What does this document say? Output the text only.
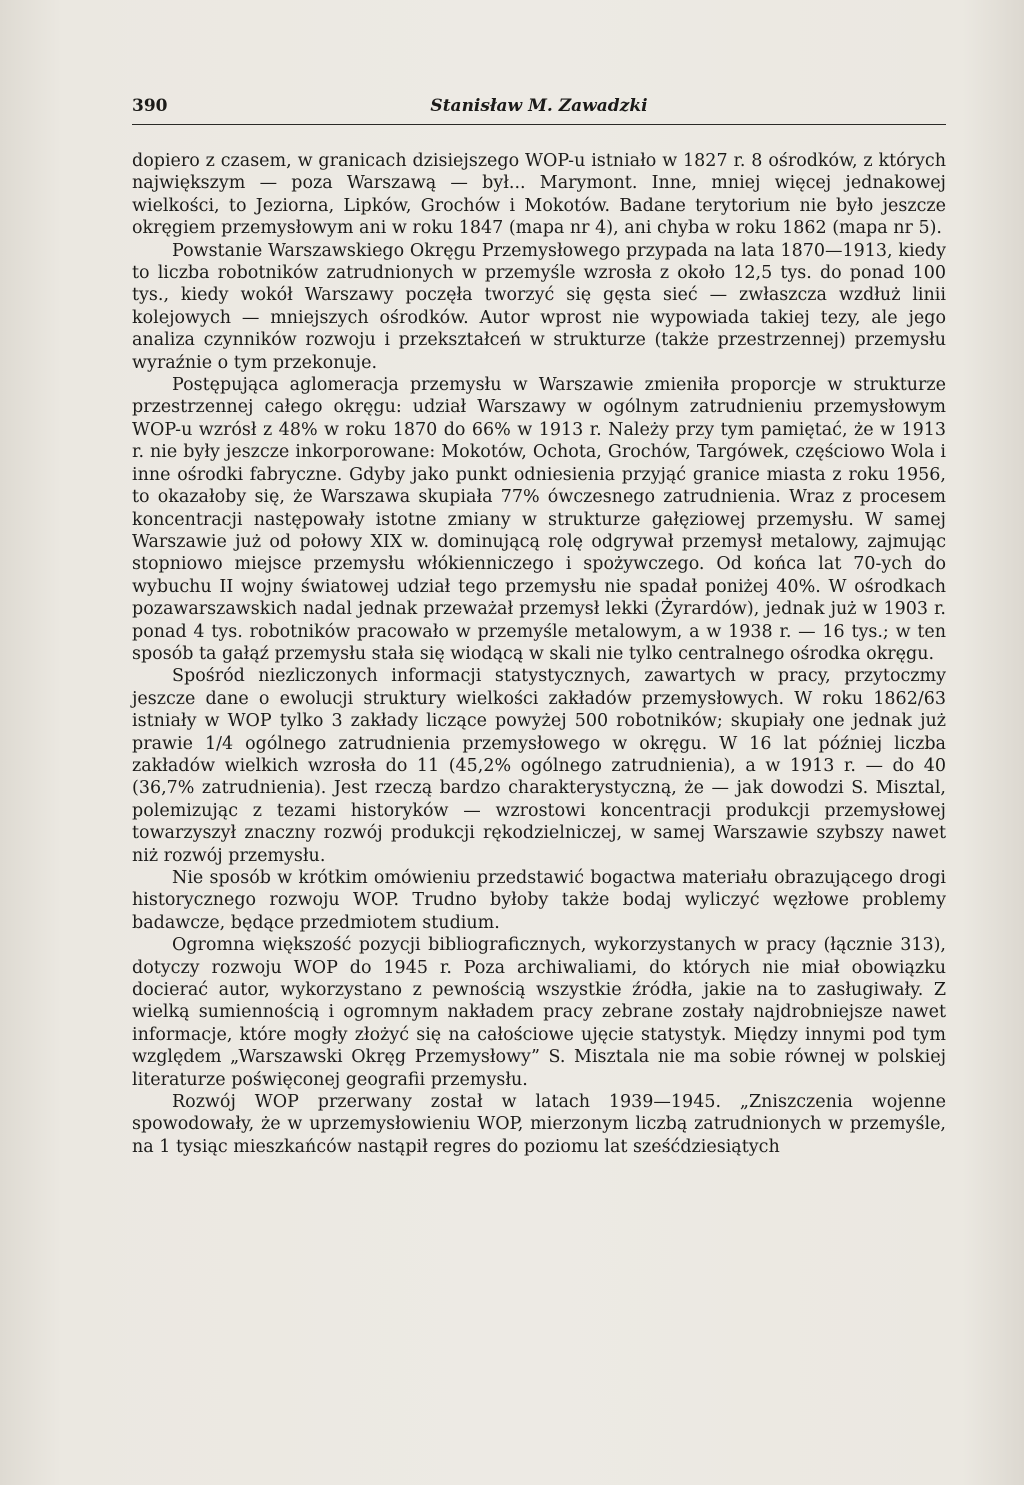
390	Stanisław M. Zawadzki

dopiero z czasem, w granicach dzisiejszego WOP-u istniało w 1827 r. 8 ośrodków, z których największym — poza Warszawą — był... Marymont. Inne, mniej więcej jednakowej wielkości, to Jeziorna, Lipków, Grochów i Mokotów. Badane terytorium nie było jeszcze okręgiem przemysłowym ani w roku 1847 (mapa nr 4), ani chyba w roku 1862 (mapa nr 5).

Powstanie Warszawskiego Okręgu Przemysłowego przypada na lata 1870—1913, kiedy to liczba robotników zatrudnionych w przemyśle wzrosła z około 12,5 tys. do ponad 100 tys., kiedy wokół Warszawy poczęła tworzyć się gęsta sieć — zwłaszcza wzdłuż linii kolejowych — mniejszych ośrodków. Autor wprost nie wypowiada takiej tezy, ale jego analiza czynników rozwoju i przekształceń w strukturze (także przestrzennej) przemysłu wyraźnie o tym przekonuje.

Postępująca aglomeracja przemysłu w Warszawie zmieniła proporcje w strukturze przestrzennej całego okręgu: udział Warszawy w ogólnym zatrudnieniu przemysłowym WOP-u wzrósł z 48% w roku 1870 do 66% w 1913 r. Należy przy tym pamiętać, że w 1913 r. nie były jeszcze inkorporowane: Mokotów, Ochota, Grochów, Targówek, częściowo Wola i inne ośrodki fabryczne. Gdyby jako punkt odniesienia przyjąć granice miasta z roku 1956, to okazałoby się, że Warszawa skupiała 77% ówczesnego zatrudnienia. Wraz z procesem koncentracji następowały istotne zmiany w strukturze gałęziowej przemysłu. W samej Warszawie już od połowy XIX w. dominującą rolę odgrywał przemysł metalowy, zajmując stopniowo miejsce przemysłu włókienniczego i spożywczego. Od końca lat 70-ych do wybuchu II wojny światowej udział tego przemysłu nie spadał poniżej 40%. W ośrodkach pozawarszawskich nadal jednak przeważał przemysł lekki (Żyrardów), jednak już w 1903 r. ponad 4 tys. robotników pracowało w przemyśle metalowym, a w 1938 r. — 16 tys.; w ten sposób ta gałąź przemysłu stała się wiodącą w skali nie tylko centralnego ośrodka okręgu.

Spośród niezliczonych informacji statystycznych, zawartych w pracy, przytoczmy jeszcze dane o ewolucji struktury wielkości zakładów przemysłowych. W roku 1862/63 istniały w WOP tylko 3 zakłady liczące powyżej 500 robotników; skupiały one jednak już prawie 1/4 ogólnego zatrudnienia przemysłowego w okręgu. W 16 lat później liczba zakładów wielkich wzrosła do 11 (45,2% ogólnego zatrudnienia), a w 1913 r. — do 40 (36,7% zatrudnienia). Jest rzeczą bardzo charakterystyczną, że — jak dowodzi S. Misztal, polemizując z tezami historyków — wzrostowi koncentracji produkcji przemysłowej towarzyszył znaczny rozwój produkcji rękodzielniczej, w samej Warszawie szybszy nawet niż rozwój przemysłu.

Nie sposób w krótkim omówieniu przedstawić bogactwa materiału obrazującego drogi historycznego rozwoju WOP. Trudno byłoby także bodaj wyliczyć węzłowe problemy badawcze, będące przedmiotem studium.

Ogromna większość pozycji bibliograficznych, wykorzystanych w pracy (łącznie 313), dotyczy rozwoju WOP do 1945 r. Poza archiwaliami, do których nie miał obowiązku docierać autor, wykorzystano z pewnością wszystkie źródła, jakie na to zasługiwały. Z wielką sumiennością i ogromnym nakładem pracy zebrane zostały najdrobniejsze nawet informacje, które mogły złożyć się na całościowe ujęcie statystyk. Między innymi pod tym względem „Warszawski Okręg Przemysłowy” S. Misztala nie ma sobie równej w polskiej literaturze poświęconej geografii przemysłu.

Rozwój WOP przerwany został w latach 1939—1945. „Zniszczenia wojenne spowodowały, że w uprzemysłowieniu WOP, mierzonym liczbą zatrudnionych w przemyśle, na 1 tysiąc mieszkańców nastąpił regres do poziomu lat sześćdziesiątych
